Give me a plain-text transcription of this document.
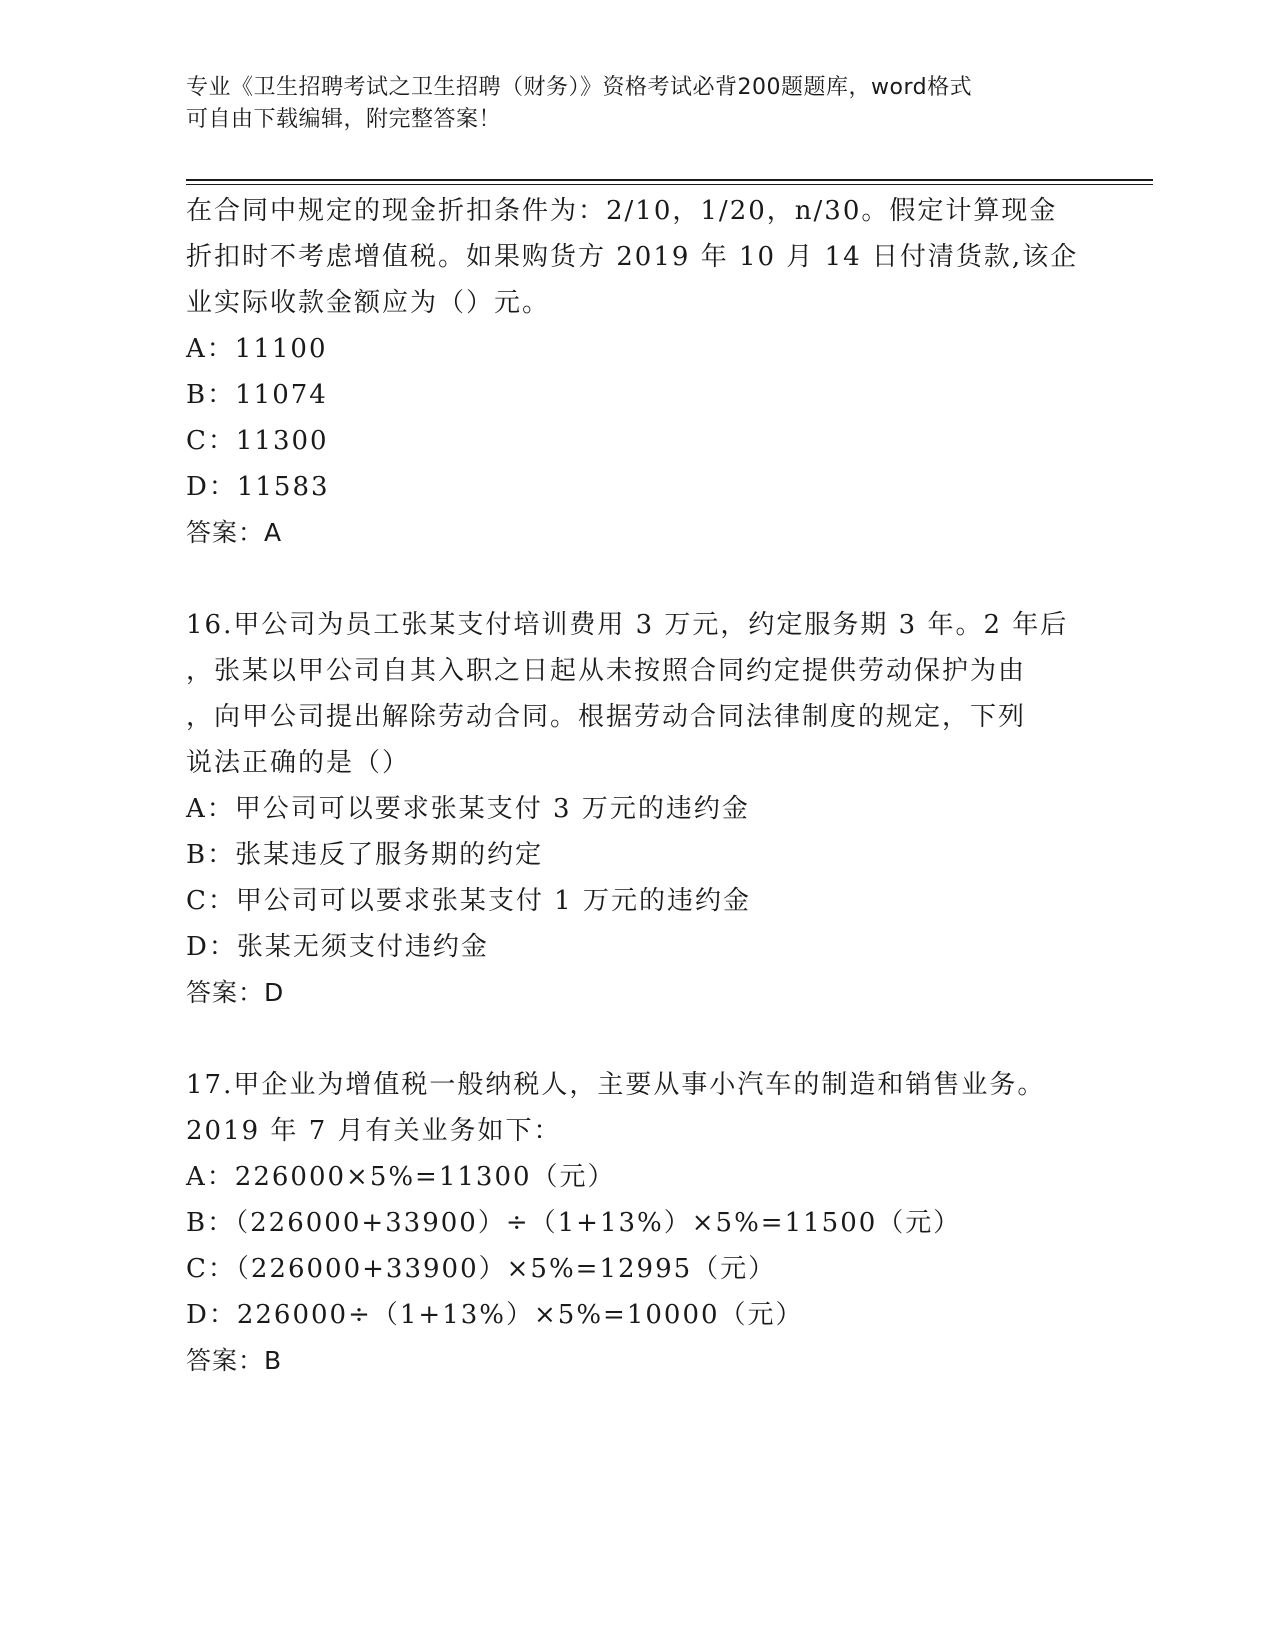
专业《卫生招聘考试之卫生招聘（财务）》资格考试必背200题题库，word格式
可自由下载编辑，附完整答案！
在合同中规定的现金折扣条件为：2/10，1/20，n/30。假定计算现金
折扣时不考虑增值税。如果购货方 2019 年 10 月 14 日付清货款,该企
业实际收款金额应为（）元。
A：11100
B：11074
C：11300
D：11583
答案：A
16.甲公司为员工张某支付培训费用 3 万元，约定服务期 3 年。2 年后
，张某以甲公司自其入职之日起从未按照合同约定提供劳动保护为由
，向甲公司提出解除劳动合同。根据劳动合同法律制度的规定，下列
说法正确的是（）
A：甲公司可以要求张某支付 3 万元的违约金
B：张某违反了服务期的约定
C：甲公司可以要求张某支付 1 万元的违约金
D：张某无须支付违约金
答案：D
17.甲企业为增值税一般纳税人，主要从事小汽车的制造和销售业务。
2019 年 7 月有关业务如下：
A：226000×5%=11300（元）
B：（226000+33900）÷（1+13%）×5%=11500（元）
C：（226000+33900）×5%=12995（元）
D：226000÷（1+13%）×5%=10000（元）
答案：B
